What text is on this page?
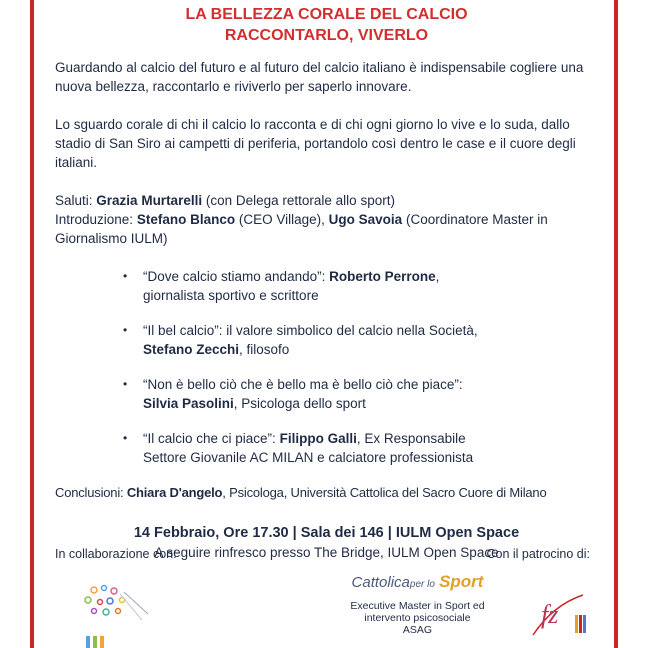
LA BELLEZZA CORALE DEL CALCIO
RACCONTARLO, VIVERLO

Guardando al calcio del futuro e al futuro del calcio italiano è indispensabile cogliere una nuova bellezza, raccontarlo e riviverlo per saperlo innovare.

Lo sguardo corale di chi il calcio lo racconta e di chi ogni giorno lo vive e lo suda, dallo stadio di San Siro ai campetti di periferia, portandolo così dentro le case e il cuore degli italiani.

Saluti: Grazia Murtarelli (con Delega rettorale allo sport)
Introduzione: Stefano Blanco (CEO Village), Ugo Savoia (Coordinatore Master in Giornalismo IULM)

• “Dove calcio stiamo andando”: Roberto Perrone,
giornalista sportivo e scrittore
• “Il bel calcio”: il valore simbolico del calcio nella Società,
Stefano Zecchi, filosofo
• “Non è bello ciò che è bello ma è bello ciò che piace”:
Silvia Pasolini, Psicologa dello sport
• “Il calcio che ci piace”: Filippo Galli, Ex Responsabile
Settore Giovanile AC MILAN e calciatore professionista

Conclusioni: Chiara D'angelo, Psicologa, Università Cattolica del Sacro Cuore di Milano

14 Febbraio, Ore 17.30 | Sala dei 146 | IULM Open Space
A seguire rinfresco presso The Bridge, IULM Open Space
In collaborazione con:	Con il patrocino di:
Cattolicaper lo Sport
Executive Master in Sport ed
intervento psicosociale
ASAG
fz
